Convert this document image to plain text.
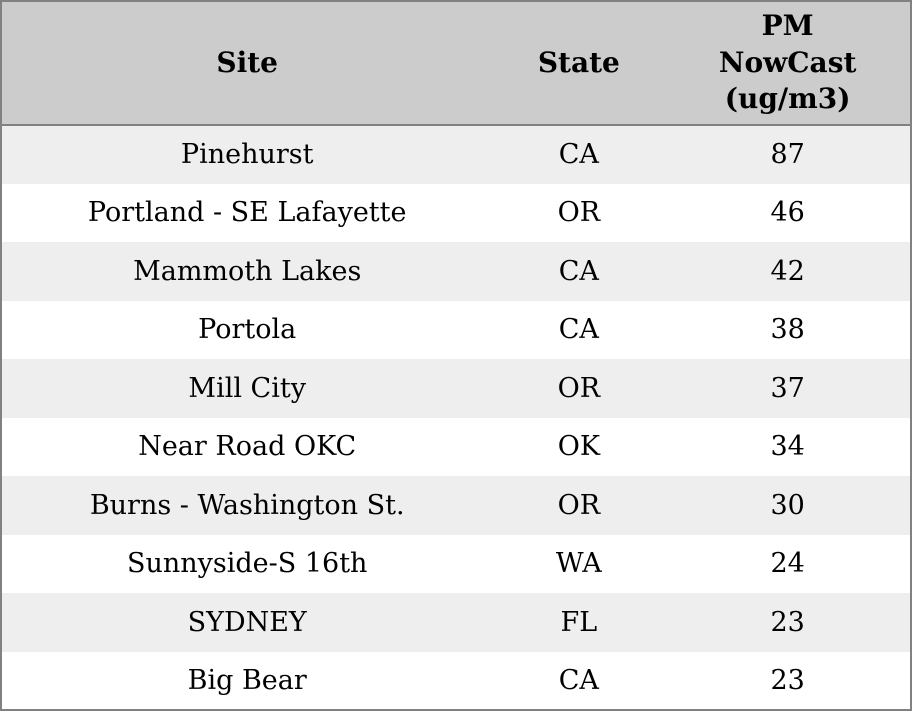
Site	State	PM NowCast (ug/m3)
Pinehurst	CA	87
Portland - SE Lafayette	OR	46
Mammoth Lakes	CA	42
Portola	CA	38
Mill City	OR	37
Near Road OKC	OK	34
Burns - Washington St.	OR	30
Sunnyside-S 16th	WA	24
SYDNEY	FL	23
Big Bear	CA	23
